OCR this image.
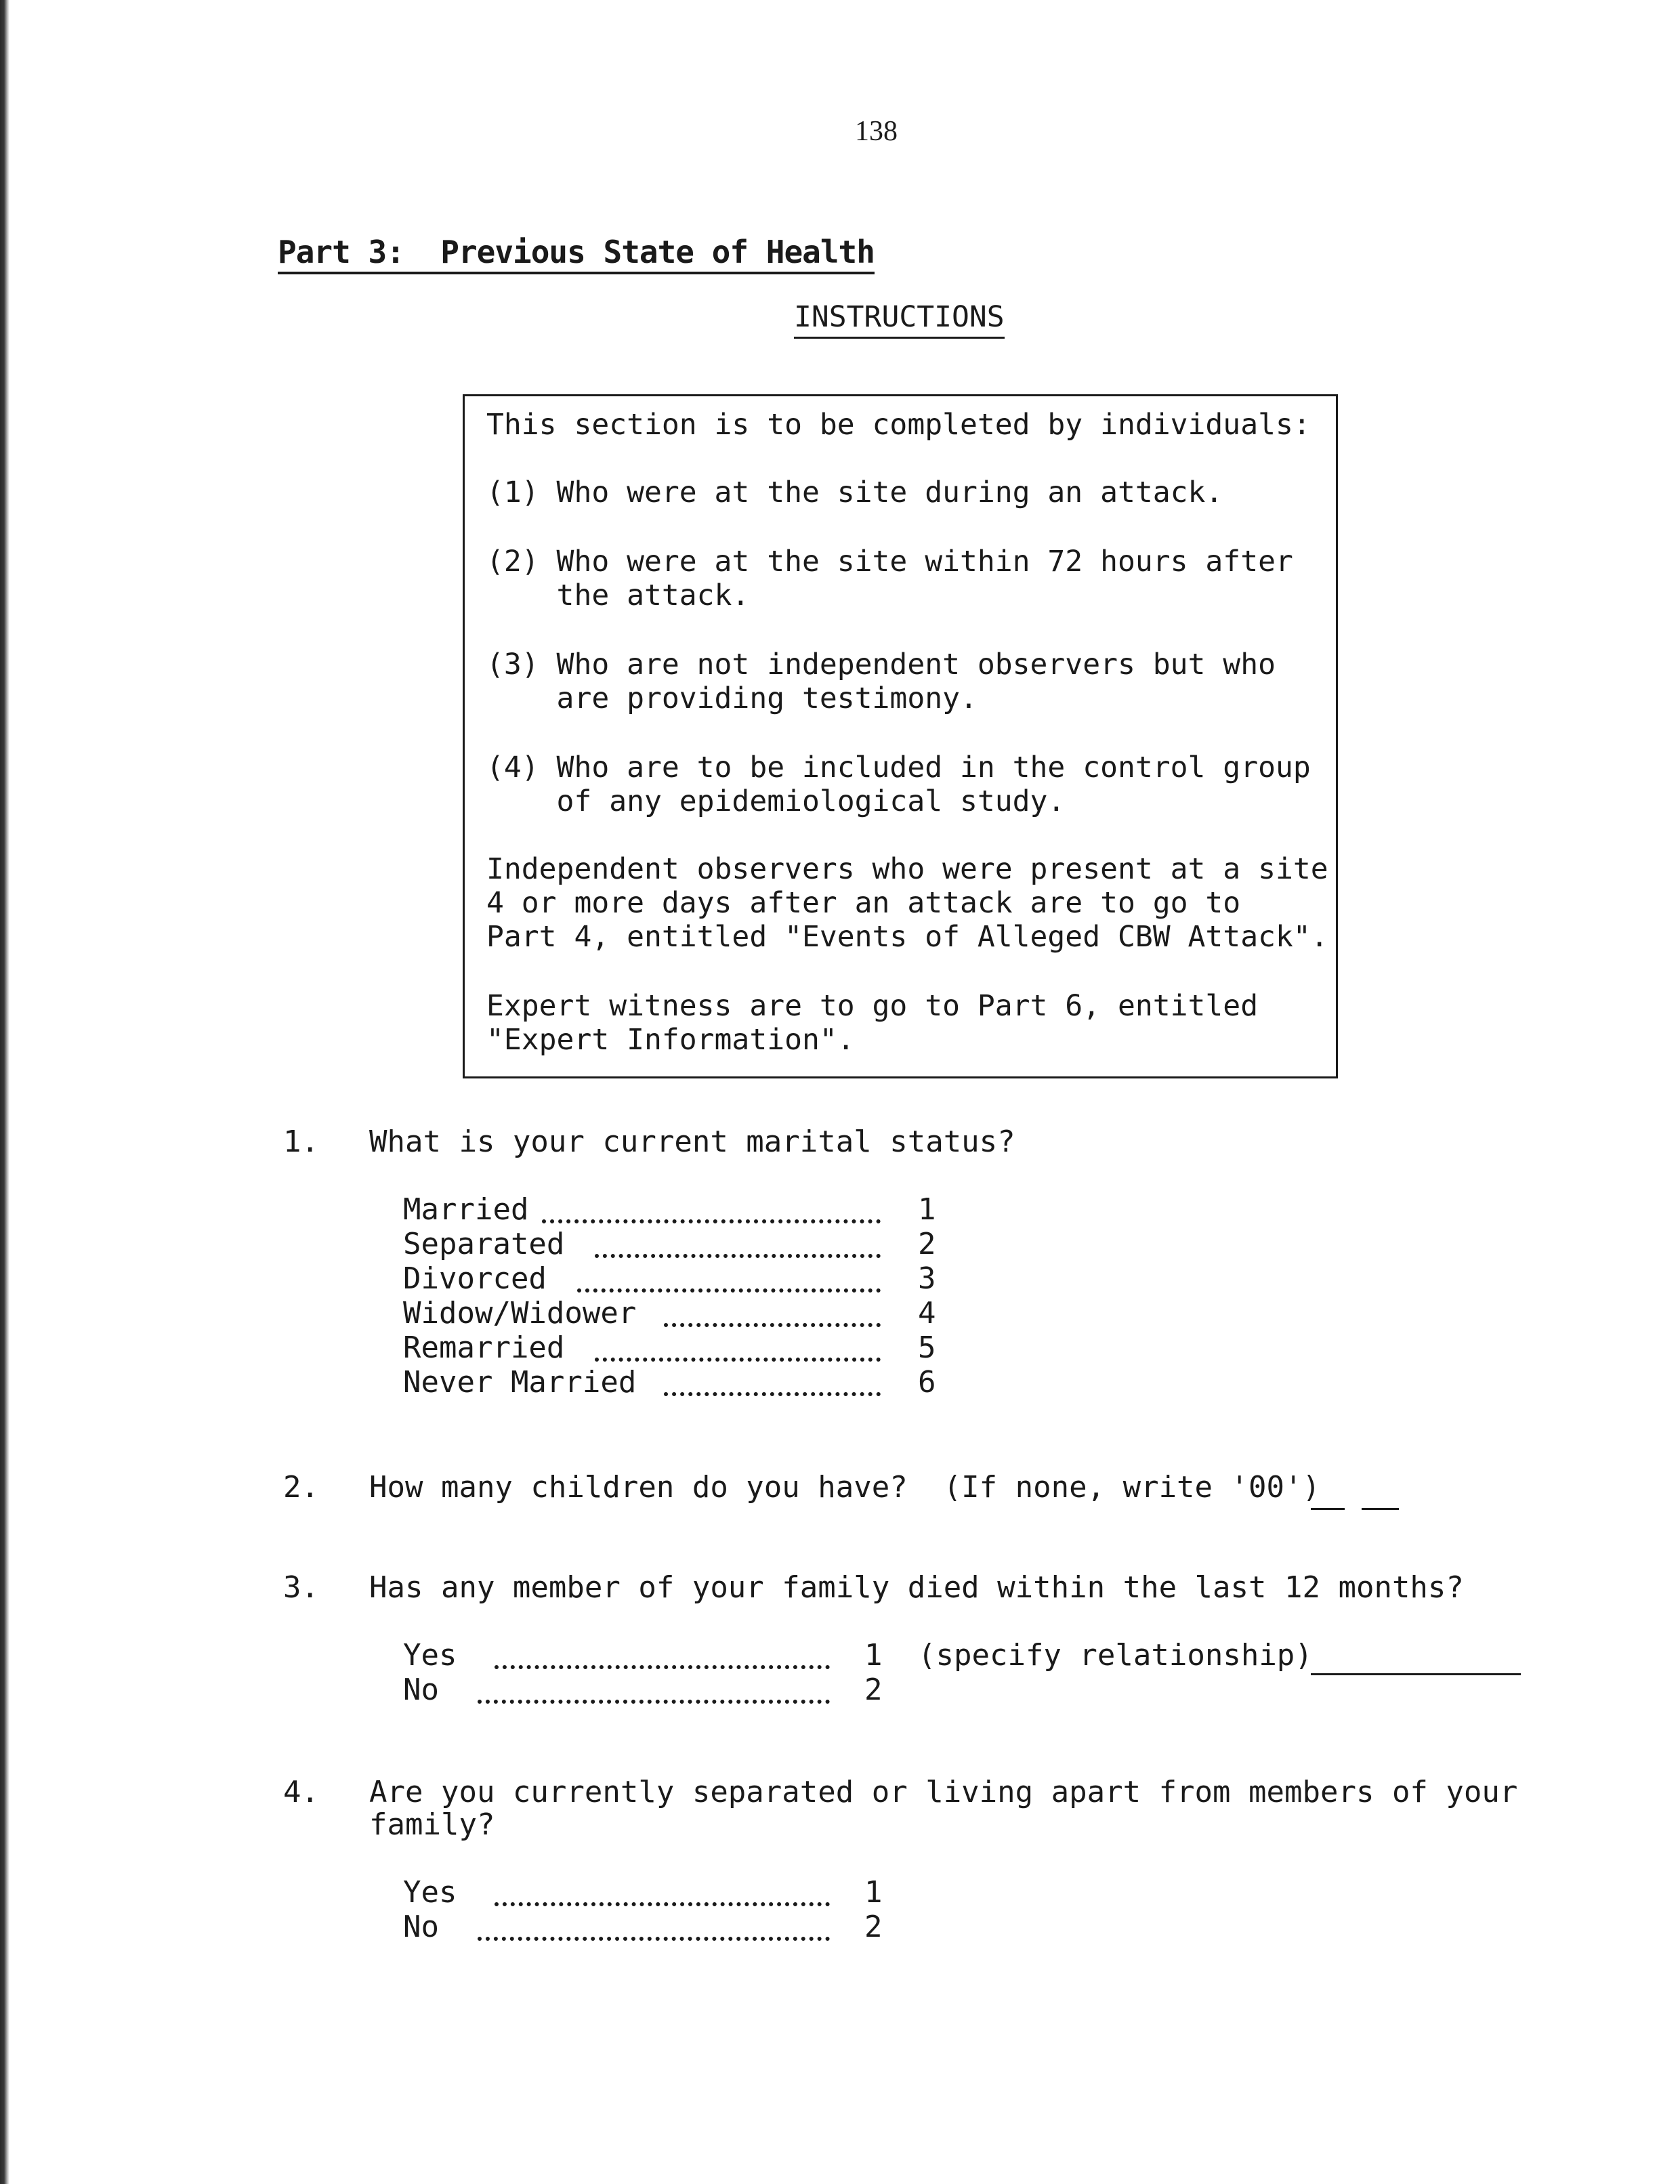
138
Part 3:  Previous State of Health
INSTRUCTIONS
This section is to be completed by individuals:
(1) Who were at the site during an attack.
(2) Who were at the site within 72 hours after
the attack.
(3) Who are not independent observers but who
are providing testimony.
(4) Who are to be included in the control group
of any epidemiological study.
Independent observers who were present at a site
4 or more days after an attack are to go to
Part 4, entitled "Events of Alleged CBW Attack".
Expert witness are to go to Part 6, entitled
"Expert Information".
1. What is your current marital status?
Married	1
Separated	2
Divorced	3
Widow/Widower	4
Remarried	5
Never Married	6
2. How many children do you have?  (If none, write '00')
3. Has any member of your family died within the last 12 months?
Yes	1 (specify relationship)
No	2
4. Are you currently separated or living apart from members of your
family?
Yes	1
No	2
